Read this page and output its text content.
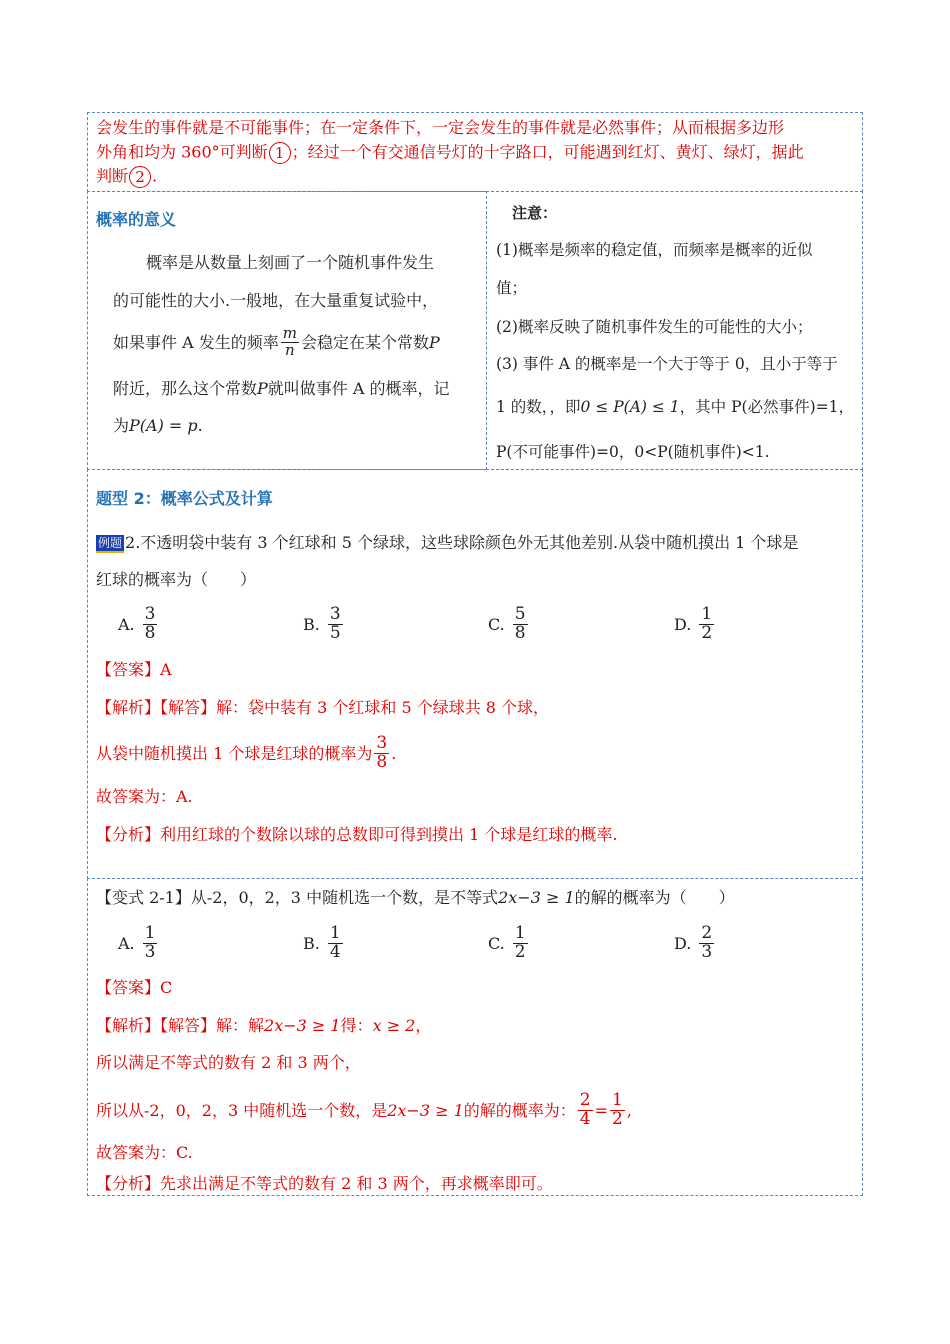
会发生的事件就是不可能事件；在一定条件下，一定会发生的事件就是必然事件；从而根据多边形
外角和均为 360°可判断 1 ；经过一个有交通信号灯的十字路口，可能遇到红灯、黄灯、绿灯，据此
判断 2 .
概率的意义
概率是从数量上刻画了一个随机事件发生
的可能性的大小.一般地，在大量重复试验中，
如果事件 A 发生的频率 $\frac{m}{n}$ 会稳定在某个常数 P
附近，那么这个常数P就叫做事件 A 的概率，记
为P(A) = p.
注意：
(1)概率是频率的稳定值，而频率是概率的近似
值；
(2)概率反映了随机事件发生的可能性的大小；
(3) 事件 A 的概率是一个大于等于 0，且小于等于
1 的数，，即0 ≤ P(A) ≤ 1，其中 P(必然事件)=1，
P(不可能事件)=0，0<P(随机事件)<1.
题型 2：概率公式及计算
例题 2.不透明袋中装有 3 个红球和 5 个绿球，这些球除颜色外无其他差别.从袋中随机摸出 1 个球是
红球的概率为（　　）
A. $\frac{3}{8}$	B. $\frac{3}{5}$	C. $\frac{5}{8}$	D. $\frac{1}{2}$
【答案】A
【解析】【解答】解：袋中装有 3 个红球和 5 个绿球共 8 个球，
从袋中随机摸出 1 个球是红球的概率为 $\frac{3}{8}$ .
故答案为：A.
【分析】利用红球的个数除以球的总数即可得到摸出 1 个球是红球的概率.
【变式 2-1】从-2，0，2，3 中随机选一个数，是不等式2x−3 ≥ 1的解的概率为（　　）
A. $\frac{1}{3}$	B. $\frac{1}{4}$	C. $\frac{1}{2}$	D. $\frac{2}{3}$
【答案】C
【解析】【解答】解：解2x−3 ≥ 1得：x ≥ 2，
所以满足不等式的数有 2 和 3 两个，
所以从-2，0，2，3 中随机选一个数，是 2x−3 ≥ 1 的解的概率为： $\frac{2}{4} = \frac{1}{2}$ ,
故答案为：C.
【分析】先求出满足不等式的数有 2 和 3 两个，再求概率即可。
